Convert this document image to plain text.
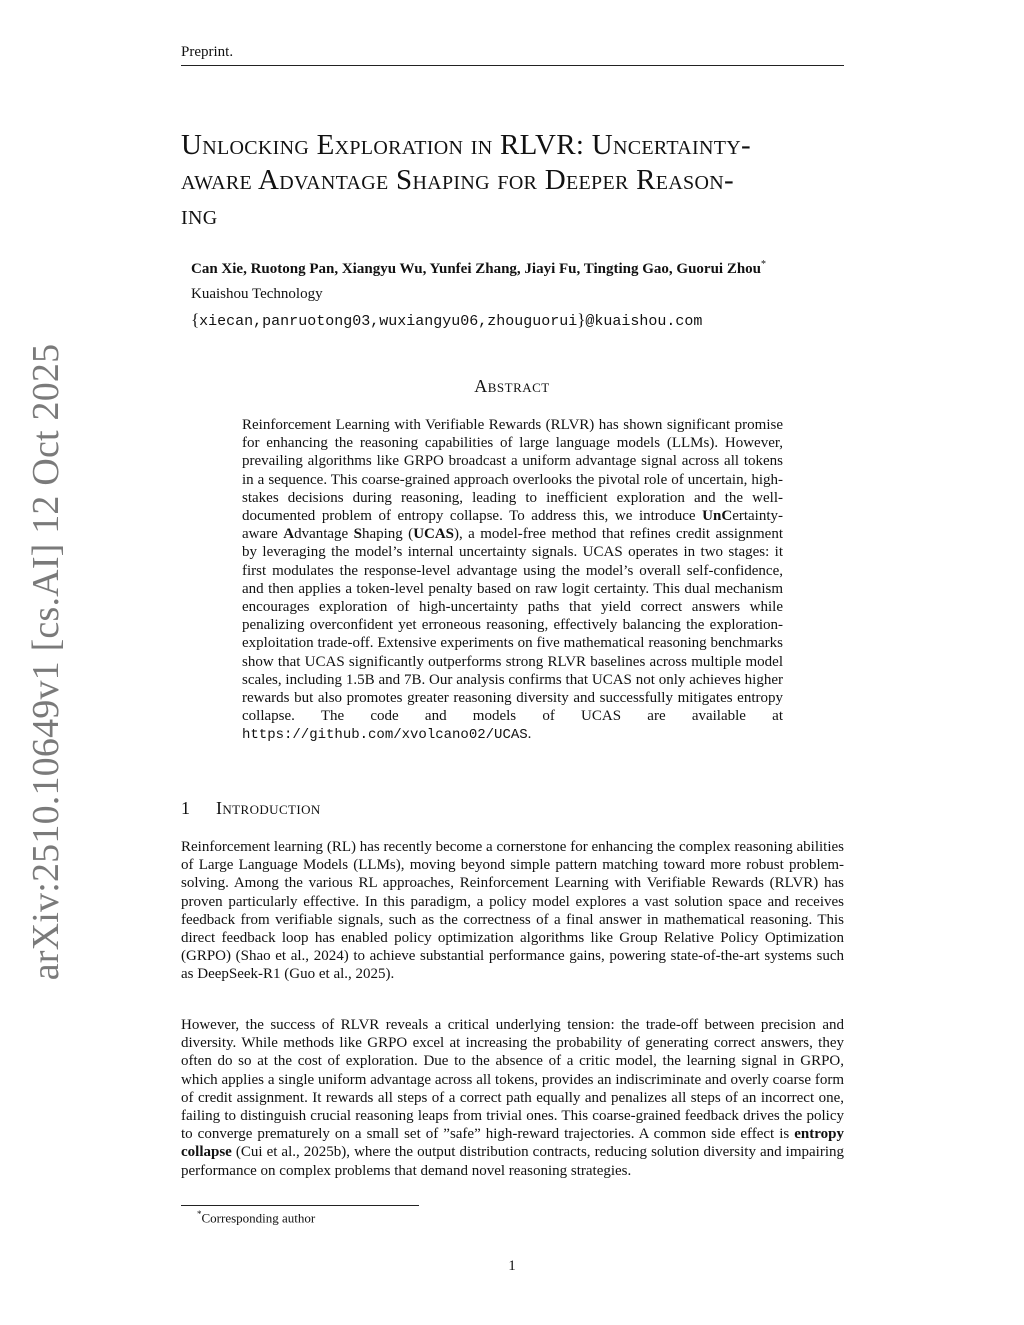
Preprint.
arXiv:2510.10649v1 [cs.AI] 12 Oct 2025
Unlocking Exploration in RLVR: Uncertainty-
aware Advantage Shaping for Deeper Reason-
ing
Can Xie, Ruotong Pan, Xiangyu Wu, Yunfei Zhang, Jiayi Fu, Tingting Gao, Guorui Zhou*
Kuaishou Technology
{xiecan,panruotong03,wuxiangyu06,zhouguorui}@kuaishou.com
Abstract
Reinforcement Learning with Verifiable Rewards (RLVR) has shown significant promise for enhancing the reasoning capabilities of large language models (LLMs). However, prevailing algorithms like GRPO broadcast a uniform advantage signal across all tokens in a sequence. This coarse-grained approach overlooks the pivotal role of uncertain, high-stakes decisions during reasoning, leading to inefficient exploration and the well-documented problem of entropy collapse. To address this, we introduce UnCertainty-aware Advantage Shaping (UCAS), a model-free method that refines credit assignment by leveraging the model’s internal uncertainty signals. UCAS operates in two stages: it first modulates the response-level advantage using the model’s overall self-confidence, and then applies a token-level penalty based on raw logit certainty. This dual mechanism encourages exploration of high-uncertainty paths that yield correct answers while penalizing overconfident yet erroneous reasoning, effectively balancing the exploration-exploitation trade-off. Extensive experiments on five mathematical reasoning benchmarks show that UCAS significantly outperforms strong RLVR baselines across multiple model scales, including 1.5B and 7B. Our analysis confirms that UCAS not only achieves higher rewards but also promotes greater reasoning diversity and successfully mitigates entropy collapse. The code and models of UCAS are available at https://github.com/xvolcano02/UCAS.
1 Introduction
Reinforcement learning (RL) has recently become a cornerstone for enhancing the complex reasoning abilities of Large Language Models (LLMs), moving beyond simple pattern matching toward more robust problem-solving. Among the various RL approaches, Reinforcement Learning with Verifiable Rewards (RLVR) has proven particularly effective. In this paradigm, a policy model explores a vast solution space and receives feedback from verifiable signals, such as the correctness of a final answer in mathematical reasoning. This direct feedback loop has enabled policy optimization algorithms like Group Relative Policy Optimization (GRPO) (Shao et al., 2024) to achieve substantial performance gains, powering state-of-the-art systems such as DeepSeek-R1 (Guo et al., 2025).
However, the success of RLVR reveals a critical underlying tension: the trade-off between precision and diversity. While methods like GRPO excel at increasing the probability of generating correct answers, they often do so at the cost of exploration. Due to the absence of a critic model, the learning signal in GRPO, which applies a single uniform advantage across all tokens, provides an indiscriminate and overly coarse form of credit assignment. It rewards all steps of a correct path equally and penalizes all steps of an incorrect one, failing to distinguish crucial reasoning leaps from trivial ones. This coarse-grained feedback drives the policy to converge prematurely on a small set of ”safe” high-reward trajectories. A common side effect is entropy collapse (Cui et al., 2025b), where the output distribution contracts, reducing solution diversity and impairing performance on complex problems that demand novel reasoning strategies.
*Corresponding author
1
